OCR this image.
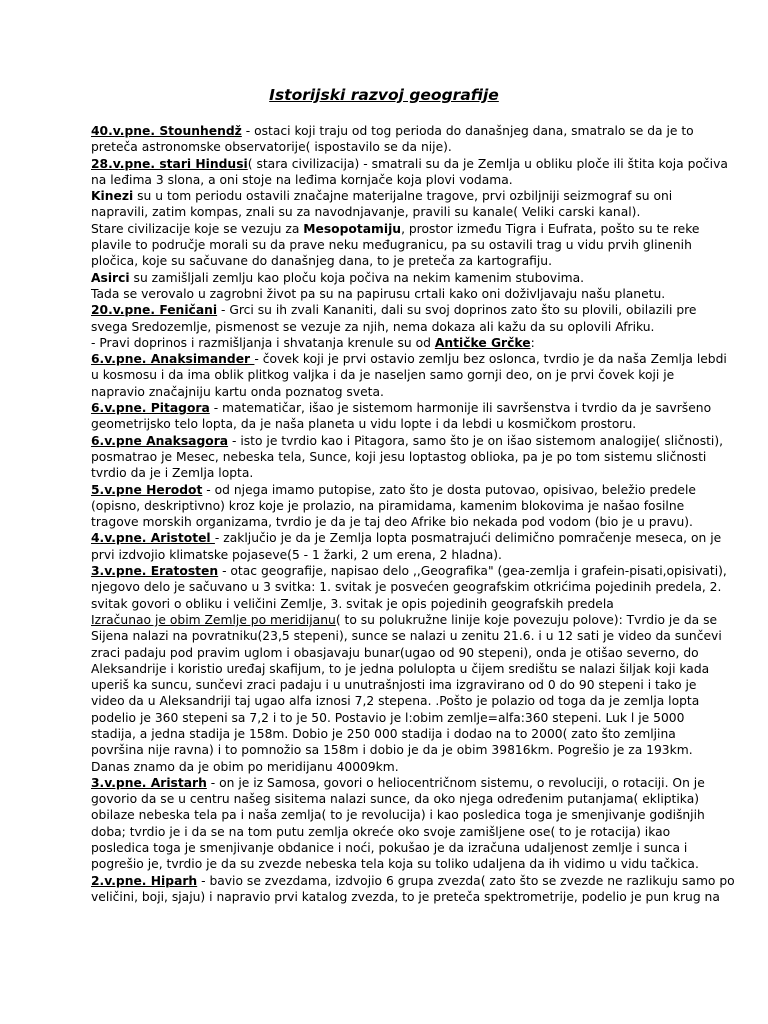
Istorijski razvoj geografije
40.v.pne. Stounhendž - ostaci koji traju od tog perioda do današnjeg dana, smatralo se da je to
preteča astronomske observatorije( ispostavilo se da nije).
28.v.pne. stari Hindusi( stara civilizacija) - smatrali su da je Zemlja u obliku ploče ili štita koja počiva
na leđima 3 slona, a oni stoje na leđima kornjače koja plovi vodama.
Kinezi su u tom periodu ostavili značajne materijalne tragove, prvi ozbiljniji seizmograf su oni
napravili, zatim kompas, znali su za navodnjavanje, pravili su kanale( Veliki carski kanal).
Stare civilizacije koje se vezuju za Mesopotamiju, prostor između Tigra i Eufrata, pošto su te reke
plavile to područje morali su da prave neku međugranicu, pa su ostavili trag u vidu prvih glinenih
pločica, koje su sačuvane do današnjeg dana, to je preteča za kartografiju.
Asirci su zamišljali zemlju kao ploču koja počiva na nekim kamenim stubovima.
Tada se verovalo u zagrobni život pa su na papirusu crtali kako oni doživljavaju našu planetu.
20.v.pne. Feničani - Grci su ih zvali Kananiti, dali su svoj doprinos zato što su plovili, obilazili pre
svega Sredozemlje, pismenost se vezuje za njih, nema dokaza ali kažu da su oplovili Afriku.
- Pravi doprinos i razmišljanja i shvatanja krenule su od Antičke Grčke:
6.v.pne. Anaksimander - čovek koji je prvi ostavio zemlju bez oslonca, tvrdio je da naša Zemlja lebdi
u kosmosu i da ima oblik plitkog valjka i da je naseljen samo gornji deo, on je prvi čovek koji je
napravio značajniju kartu onda poznatog sveta.
6.v.pne. Pitagora - matematičar, išao je sistemom harmonije ili savršenstva i tvrdio da je savršeno
geometrijsko telo lopta, da je naša planeta u vidu lopte i da lebdi u kosmičkom prostoru.
6.v.pne Anaksagora - isto je tvrdio kao i Pitagora, samo što je on išao sistemom analogije( sličnosti),
posmatrao je Mesec, nebeska tela, Sunce, koji jesu loptastog oblioka, pa je po tom sistemu sličnosti
tvrdio da je i Zemlja lopta.
5.v.pne Herodot - od njega imamo putopise, zato što je dosta putovao, opisivao, beležio predele
(opisno, deskriptivno) kroz koje je prolazio, na piramidama, kamenim blokovima je našao fosilne
tragove morskih organizama, tvrdio je da je taj deo Afrike bio nekada pod vodom (bio je u pravu).
4.v.pne. Aristotel - zaključio je da je Zemlja lopta posmatrajući delimično pomračenje meseca, on je
prvi izdvojio klimatske pojaseve(5 - 1 žarki, 2 um erena, 2 hladna).
3.v.pne. Eratosten - otac geografije, napisao delo ,,Geografika" (gea-zemlja i grafein-pisati,opisivati),
njegovo delo je sačuvano u 3 svitka: 1. svitak je posvećen geografskim otkrićima pojedinih predela, 2.
svitak govori o obliku i veličini Zemlje, 3. svitak je opis pojedinih geografskih predela
Izračunao je obim Zemlje po meridijanu( to su polukružne linije koje povezuju polove): Tvrdio je da se
Sijena nalazi na povratniku(23,5 stepeni), sunce se nalazi u zenitu 21.6. i u 12 sati je video da sunčevi
zraci padaju pod pravim uglom i obasjavaju bunar(ugao od 90 stepeni), onda je otišao severno, do
Aleksandrije i koristio uređaj skafijum, to je jedna polulopta u čijem središtu se nalazi šiljak koji kada
uperiš ka suncu, sunčevi zraci padaju i u unutrašnjosti ima izgravirano od 0 do 90 stepeni i tako je
video da u Aleksandriji taj ugao alfa iznosi 7,2 stepena. .Pošto je polazio od toga da je zemlja lopta
podelio je 360 stepeni sa 7,2 i to je 50. Postavio je l:obim zemlje=alfa:360 stepeni. Luk l je 5000
stadija, a jedna stadija je 158m. Dobio je 250 000 stadija i dodao na to 2000( zato što zemljina
površina nije ravna) i to pomnožio sa 158m i dobio je da je obim 39816km. Pogrešio je za 193km.
Danas znamo da je obim po meridijanu 40009km.
3.v.pne. Aristarh - on je iz Samosa, govori o heliocentričnom sistemu, o revoluciji, o rotaciji. On je
govorio da se u centru našeg sisitema nalazi sunce, da oko njega određenim putanjama( ekliptika)
obilaze nebeska tela pa i naša zemlja( to je revolucija) i kao posledica toga je smenjivanje godišnjih
doba; tvrdio je i da se na tom putu zemlja okreće oko svoje zamišljene ose( to je rotacija) ikao
posledica toga je smenjivanje obdanice i noći, pokušao je da izračuna udaljenost zemlje i sunca i
pogrešio je, tvrdio je da su zvezde nebeska tela koja su toliko udaljena da ih vidimo u vidu tačkica.
2.v.pne. Hiparh - bavio se zvezdama, izdvojio 6 grupa zvezda( zato što se zvezde ne razlikuju samo po
veličini, boji, sjaju) i napravio prvi katalog zvezda, to je preteča spektrometrije, podelio je pun krug na
